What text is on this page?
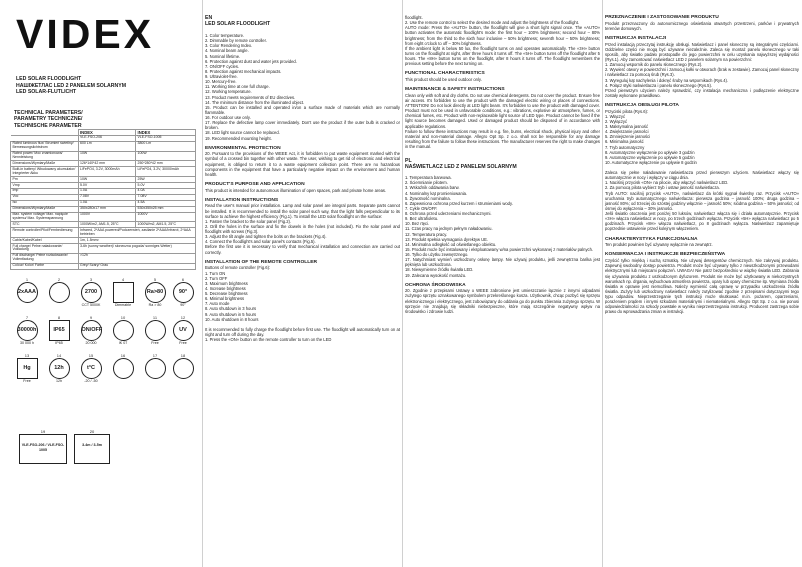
VIDEX
LED SOLAR FLOODLIGHT
НАШІЖЕТЛАС LED 2 PANELEM SOLARNYM
LED SOLAR-FLUTLICHT
TECHNICAL PARAMETERS/
PARAMETRY TECHNICZNE/
TECHNISCHE PARAMETER
	INDEX	INDEX
	VLE-FSO-206	VLE-FSO-1005
Rated luminous flux/ Strumień świetlny/ Bemessungslichtstrom	600 Lm	3800 Lm
Rated power/ Moc znamionowa/ Nennleistung	10W	100W
Dimensions/Wymiary/Maße	126*140*42 mm	250*280*42 mm
Built-in battery/ Wbudowany akumulator/ Integrierter Akku	LiFePO4, 3.2V, 3000mAh	LiFePO4, 3.2V, 30000mAh
Pm	10W	25W
Vmp	5.0V	5.0V
Imp	1.0A	4.0A
Voc	7.08V	7.08V
Isc	1.0A	4.5A
Dimensions/Wymiary/Maße	350x280x17 mm	530x350x25 mm
Max. system voltage/ Max. napięcie systemu/ Max. Systemspannung	1000V	1000V
STC	1000W/m2, AM1.5, 25°C	1000W/m2, AM1.5, 25°C
Remote controller/Pilot/Fernbedienung	Infrared, 2*AAA powered/Podczerwień, zasilanie 2*AAA/Infrarot, 2*AAA betrieben	
Cable/Kabel/Kabel	1m, 1.5mm²	
Full charge/ Pełne naładowanie/ Vollladung	3-6h (sunny weather)/ słoneczna pogoda/ sonniges Wetter)	
Full discharge/ Pełne rozładowanie/ Vollentladung	>12h	
Colour/ Kolor/ Farbe	Grey/ Szary/ Grau	
1
2xAAA
2	3
2700
CCT 5000K
4
Dimmable
5
Ra>80
Ra > 80
6
90°
90°
7
30000h
30 000 h
8
IP65
IP65
9
ON/OFF
20 000
10
IK 07
11
Free
12
UV
Free
13
Hg
Free
14
12h
12h
15
t°C
-20 / -50
16	17	18
19
VLE-FSO-206 / VLE-FSO-1005
20
3-4m / 3-5m
EN
LED SOLAR FLOODLIGHT
1. Color temperature.
2. Dimmable by remote controller.
3. Color Rendering Index.
4. Nominal beam angle.
5. Nominal lifetime.
6. Protection against dust and water jets provided.
7. ON/OFF cycles.
8. Protection against mechanical impacts.
9. Ultraviolet-free.
10. Mercury-free.
11. Working time at one full charge.
12. Working temperature.
13. Product meets requirements of EU directives.
14. The minimum distance from the illuminated object.
15. Product can be installed and operated in/on a surface made of materials which are normally flammable.
16. For outdoor use only.
17. Replace the defective lamp cover immediately. Don't use the product if the outer bulb is cracked or broken.
18. LED light source cannot be replaced.
19. Recommended mounting height.
ENVIRONMENTAL PROTECTION
20. Pursuant to the provisions of the WEEE Act, it is forbidden to put waste equipment marked with the symbol of a crossed bin together with other waste. The user, wishing to get rid of electronic and electrical equipment, is obliged to return it to a waste equipment collection point. There are no hazardous components in the equipment that have a particularly negative impact on the environment and human health.
PRODUCT'S PURPOSE AND APPLICATION
This product is intended for autonomous illumination of open spaces, park and private home areas.
INSTALLATION INSTRUCTIONS
Read the user's manual prior installation. Lamp and solar panel are integral parts. Separate parts cannot be installed. It is recommended to install the solar panel such way, that the light falls perpendicular to its surface to achieve the highest efficiency (Fig.1). To install the LED solar floodlight on the surface:
1. Fasten the bracket to the solar panel (Fig.2).
2. Drill the holes in the surface and fix the dowels in the holes (not included). Fix the solar panel and floodlight with screws (Fig.3).
3. Adjust the tilt angle and tighten the bolts on the brackets (Fig.4).
4. Connect the floodlight's and solar panel's contacts (Fig.5).
Before the first use it is necessary to verify that mechanical installation and connection are carried out correctly.
INSTALLATION OF THE REMOTE CONTROLLER
Buttons of remote controller (Fig.6):
1. Turn ON
2. Turn OFF
3. Maximum brightness
4. Increase brightness
5. Decrease brightness
6. Minimal brightness
7. Auto mode
8. Auto shutdown in 3 hours
9. Auto shutdown in 5 hours
10. Auto shutdown in 8 hours
It is recommended to fully charge the floodlight before first use. The floodlight will automatically turn on at night and turn off during the day.
1. Press the «ON» button on the remote controller to turn on the LED
floodlight.
2. Use the remote control to select the desired mode and adjust the brightness of the floodlight.
AUTO mode: Press the «AUTO» button, the floodlight will give a short light signal once. The «AUTO» button activates the automatic floodlight's mode: the first hour – 100% brightness; second hour – 80% brightness; from the third to the sixth hour inclusive – 50% brightness; seventh hour – 50% brightness; from eight o'clock to off – 30% brightness.
If the ambient light is below 50 lux, the floodlight turns on and operates automatically. The «3H» button turns on the floodlight at night, after three hours it turns off. The «5H» button turns off the floodlight after 5 hours. The «8H» button turns on the floodlight, after 8 hours it turns off. The floodlight remembers the previous setting before the next turning on.
FUNCTIONAL CHARACTERISTICS
This product should be used outdoor only.
MAINTENANCE & SAFETY INSTRUCTIONS
Clean only with soft and dry cloths. Do not use chemical detergents. Do not cover the product. Ensure free air access. It's forbidden to use the product with the damaged electric wiring or places of connections. ATTENTION! Do not look directly at LED light beam. It's forbidden to use the product with damaged cover. Product must not be used in unfavorable conditions, e.g.: vibrations, explosive air atmosphere, fumes, or chemical fumes, etc. Product with non-replaceable light source of LED type. Product cannot be fixed if the light source becomes damaged. Used or damaged product should be disposed of in accordance with applicable regulations.
Failure to follow these instructions may result in e.g. fire, burns, electrical shock, physical injury and other material and non-material damage. Allegro Opt Sp. z o.o. shall not be responsible for any damage resulting from the failure to follow these instructions. The manufacturer reserves the right to make changes in the manual.
PL
NAŚWIETLACZ LED Z PANELEM SOLARNYM
1. Temperatura barwowa.
2. Ściemnianie pilotem.
3. Wskaźnik oddawania barw.
4. Nominalny kąt promieniowania.
5. Żywotność nominalna.
6. Zapewniona ochrona przed kurzem i strumieniami wody.
7. Cykle ON/OFF.
8. Ochrona przed uderzeniami mechanicznymi.
9. Bez ultrafioletu.
10. Bez rtęci.
11. Czas pracy na jednym pełnym naładowaniu.
12. Temperatura pracy.
13. Produkt spełnia wymagania dyrektyw UE.
14. Minimalna odległość od oświetlanego obiektu.
15. Produkt może być instalowany i eksploatowany w/na powierzchni wykonanej z materiałów palnych.
16. Tylko do użytku zewnętrznego.
17. Natychmiast wymień uszkodzony osłonę lampy. Nie używaj produktu, jeśli zewnętrzna bańka jest pęknięta lub uszkodzona.
18. Niewymienne źródło światła LED.
19. Zalecana wysokość montażu.
OCHRONA ŚRODOWISKA
20. Zgodnie z przepisami Ustawy o WEEE zabronione jest umieszczanie łącznie z innymi odpadami zużytego sprzętu oznakowanego symbolem przekreślonego kosza. Użytkownik, chcąc pozbyć się sprzętu elektronicznego i elektrycznego, jest zobowiązany do oddania go do punktu zbierania zużytego sprzętu. W sprzęcie nie znajdują się składniki niebezpieczne, które mają szczególnie negatywny wpływ na środowisko i zdrowie ludzi.
PRZEZNACZENIE I ZASTOSOWANIE PRODUKTU
Produkt przeznaczony do autonomicznego oświetlania otwartych przestrzeni, parków i prywatnych terenów domowych.
INSTRUKCJA INSTALACJI
Przed instalacją przeczytaj instrukcję obsługi. Naświetlacz i panel słoneczny są integralnymi częściami. Oddzielne części nie mogą być używane niezależnie. Zaleca się montaż panelu słonecznego w taki sposób, aby światło padało prostopadle do jego powierzchni w celu uzyskania najwyższej wydajności (Rys.1). Aby zamontować naświetlacz LED z panelem solarnym na powierzchni:
1. Zamocuj wspornik do panelu słonecznego (Rys.2).
2. Wywierć otwory w powierzchni i zamocuj kołki w otworach (brak w zestawie). Zamocuj panel słoneczny i naświetlacz za pomocą śrub (Rys.3).
3. Wyreguluj kąt nachylenia i dokręć śruby na wspornikach (Rys.4).
4. Połącz styki naświetlacza i panelu słonecznego (Rys.5).
Przed pierwszym użyciem należy sprawdzić, czy instalacja mechaniczna i podłączenie elektryczne zostały wykonane prawidłowo.
INSTRUKCJA OBSŁUGI PILOTA
Przyciski pilota (Rys.6):
1. Włączyć
2. Wyłączyć
3. Maksymalna jasność
4. Zwiększanie jasności
5. Zmniejszenie jasności
6. Minimalna jasność
7. Tryb automatyczny
8. Automatyczne wyłączenie po upływie 3 godzin
9. Automatyczne wyłączenie po upływie 5 godzin
10. Automatyczne wyłączenie po upływie 8 godzin
Zaleca się pełne naładowanie naświetlacza przed pierwszym użyciem. Naświetlacz włączy się automatycznie w nocy i wyłączy w ciągu dnia.
1. Naciśnij przycisk «ON» na pilocie, aby włączyć naświetlacz LED.
2. Za pomocą pilota wybierz tryb i ustaw jasność naświetlacza.
Tryb AUTO: naciśnij przycisk «AUTO», naświetlacz da krótki sygnał świetlny raz. Przycisk «AUTO» uruchamia tryb automatycznego naświetlacza: pierwsza godzina – jasność 100%; druga godzina – jasność 80%; od trzeciej do szóstej godziny włącznie – jasność 50%; siódma godzina – 50% jasności; od ósmej do wyłączenia – 30% jasności.
Jeśli światło otoczenia jest poniżej 50 luksów, naświetlacz włącza się i działa automatycznie. Przycisk «3H» włącza naświetlacz w nocy, po trzech godzinach wyłącza. Przycisk «5H» wyłącza naświetlacz po 5 godzinach. Przycisk «8H» włącza naświetlacz, po 8 godzinach wyłącza. Naświetlacz zapamiętuje poprzednie ustawienie przed kolejnym włączeniem.
CHARAKTERYSTYKA FUNKCJONALNA
Ten produkt powinien być używany wyłącznie na zewnątrz.
KONSERWACJA I INSTRUKCJE BEZPIECZEŃSTWA
Czyścić tylko miękką i suchą szmatką. Nie używaj detergentów chemicznych. Nie zakrywaj produktu. Zapewnij swobodny dostęp powietrza. Produkt może być używany tylko z nieuszkodzonymi przewodami elektrycznymi lub miejscami połączeń. UWAGA! Nie patrz bezpośrednio w wiązkę światła LED. Zabrania się używania produktu z uszkodzonym dyfuzorem. Produkt nie może być użytkowany w niekorzystnych warunkach np. drgania, wybuchowa atmosfera powietrza, opary lub opary chemiczne itp. Wymiana źródła światła w oprawie jest niemożliwa. Należy wymienić całą oprawę w przypadku uszkodzenia źródła światła. Zużyty lub uszkodzony naświetlacz należy zutylizować zgodnie z przepisami dotyczącymi tego typu odpadów. Nieprzestrzeganie tych instrukcji może skutkować m.in. pożarem, oparzeniami, porażeniem prądem i innymi szkodami materialnymi i niematerialnymi. Allegro Opt Sp. z o.o. nie ponosi odpowiedzialności za szkody powstałe w wyniku nieprzestrzegania instrukcji. Producent zastrzega sobie prawo do wprowadzania zmian w instrukcji.
